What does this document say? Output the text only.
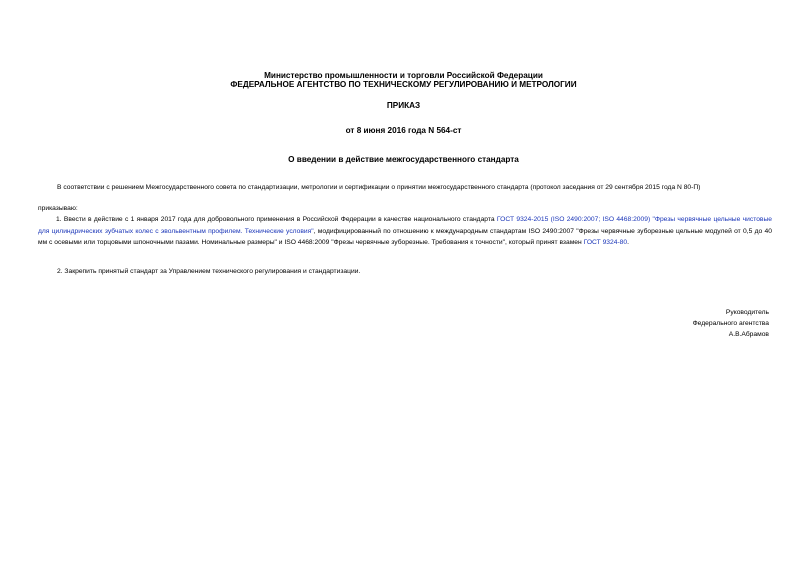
Министерство промышленности и торговли Российской Федерации
ФЕДЕРАЛЬНОЕ АГЕНТСТВО ПО ТЕХНИЧЕСКОМУ РЕГУЛИРОВАНИЮ И МЕТРОЛОГИИ
ПРИКАЗ
от 8 июня 2016 года N 564-ст
О введении в действие межгосударственного стандарта
В соответствии с решением Межгосударственного совета по стандартизации, метрологии и сертификации о принятии межгосударственного стандарта (протокол заседания от 29 сентября 2015 года N 80-П)
приказываю:
1. Ввести в действие с 1 января 2017 года для добровольного применения в Российской Федерации в качестве национального стандарта ГОСТ 9324-2015 (ISO 2490:2007; ISO 4468:2009) "Фрезы червячные цельные чистовые для цилиндрических зубчатых колес с эвольвентным профилем. Технические условия", модифицированный по отношению к международным стандартам ISO 2490:2007 "Фрезы червячные зуборезные цельные модулей от 0,5 до 40 мм с осевыми или торцовыми шпоночными пазами. Номинальные размеры" и ISO 4468:2009 "Фрезы червячные зуборезные. Требования к точности", который принят взамен ГОСТ 9324-80.
2. Закрепить принятый стандарт за Управлением технического регулирования и стандартизации.
Руководитель
Федерального агентства
А.В.Абрамов
